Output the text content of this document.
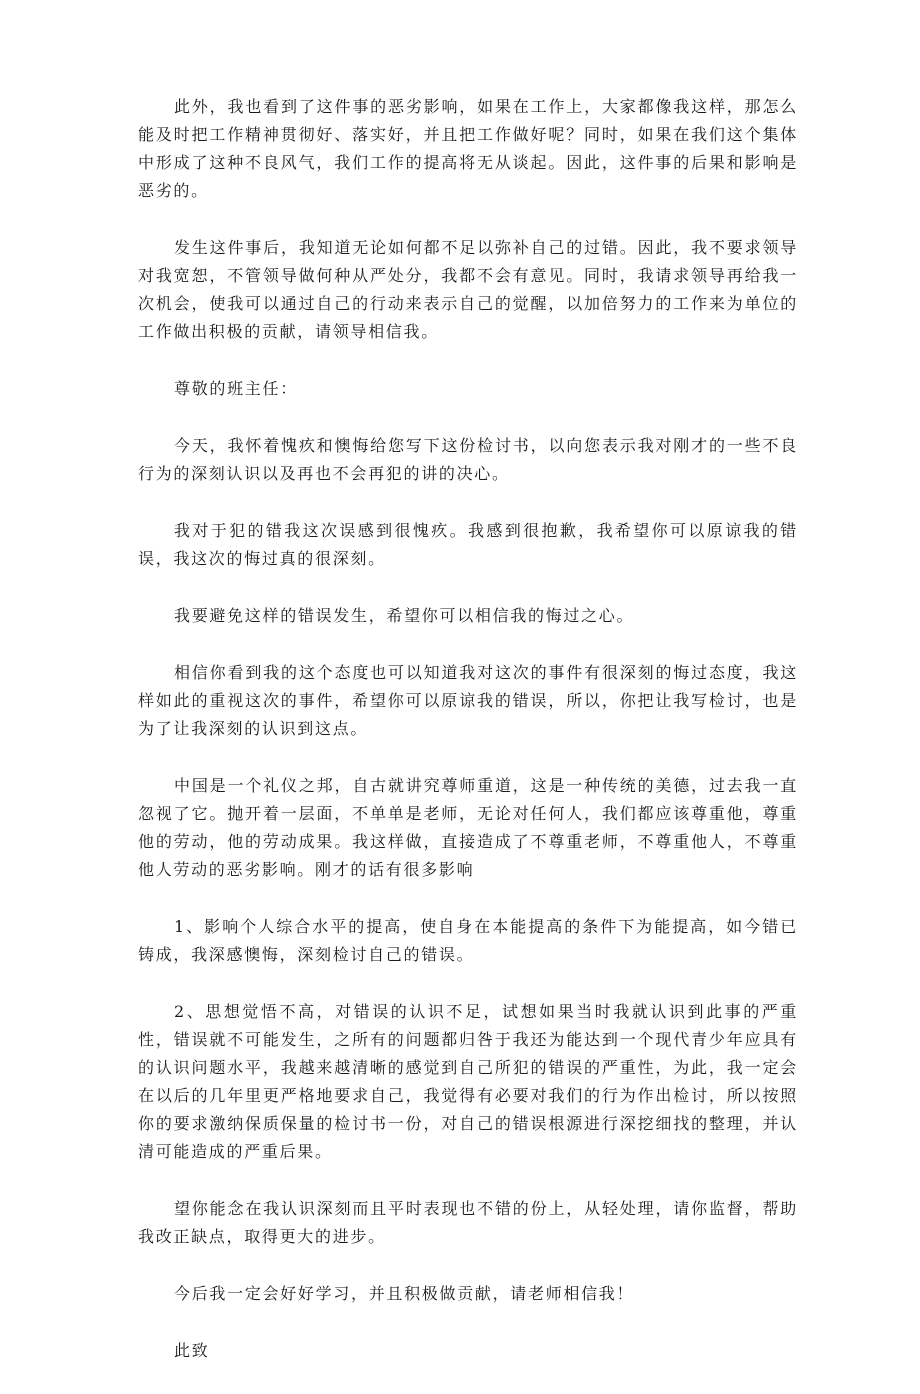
此外，我也看到了这件事的恶劣影响，如果在工作上，大家都像我这样，那怎么能及时把工作精神贯彻好、落实好，并且把工作做好呢？同时，如果在我们这个集体中形成了这种不良风气，我们工作的提高将无从谈起。因此，这件事的后果和影响是恶劣的。

发生这件事后，我知道无论如何都不足以弥补自己的过错。因此，我不要求领导对我宽恕，不管领导做何种从严处分，我都不会有意见。同时，我请求领导再给我一次机会，使我可以通过自己的行动来表示自己的觉醒，以加倍努力的工作来为单位的工作做出积极的贡献，请领导相信我。

尊敬的班主任：

今天，我怀着愧疚和懊悔给您写下这份检讨书，以向您表示我对刚才的一些不良行为的深刻认识以及再也不会再犯的讲的决心。

我对于犯的错我这次误感到很愧疚。我感到很抱歉，我希望你可以原谅我的错误，我这次的悔过真的很深刻。

我要避免这样的错误发生，希望你可以相信我的悔过之心。

相信你看到我的这个态度也可以知道我对这次的事件有很深刻的悔过态度，我这样如此的重视这次的事件，希望你可以原谅我的错误，所以，你把让我写检讨，也是为了让我深刻的认识到这点。

中国是一个礼仪之邦，自古就讲究尊师重道，这是一种传统的美德，过去我一直忽视了它。抛开着一层面，不单单是老师，无论对任何人，我们都应该尊重他，尊重他的劳动，他的劳动成果。我这样做，直接造成了不尊重老师，不尊重他人，不尊重他人劳动的恶劣影响。刚才的话有很多影响

1、影响个人综合水平的提高，使自身在本能提高的条件下为能提高，如今错已铸成，我深感懊悔，深刻检讨自己的错误。

2、思想觉悟不高，对错误的认识不足，试想如果当时我就认识到此事的严重性，错误就不可能发生，之所有的问题都归咎于我还为能达到一个现代青少年应具有的认识问题水平，我越来越清晰的感觉到自己所犯的错误的严重性，为此，我一定会在以后的几年里更严格地要求自己，我觉得有必要对我们的行为作出检讨，所以按照你的要求激纳保质保量的检讨书一份，对自己的错误根源进行深挖细找的整理，并认清可能造成的严重后果。

望你能念在我认识深刻而且平时表现也不错的份上，从轻处理，请你监督，帮助我改正缺点，取得更大的进步。

今后我一定会好好学习，并且积极做贡献，请老师相信我！

此致
